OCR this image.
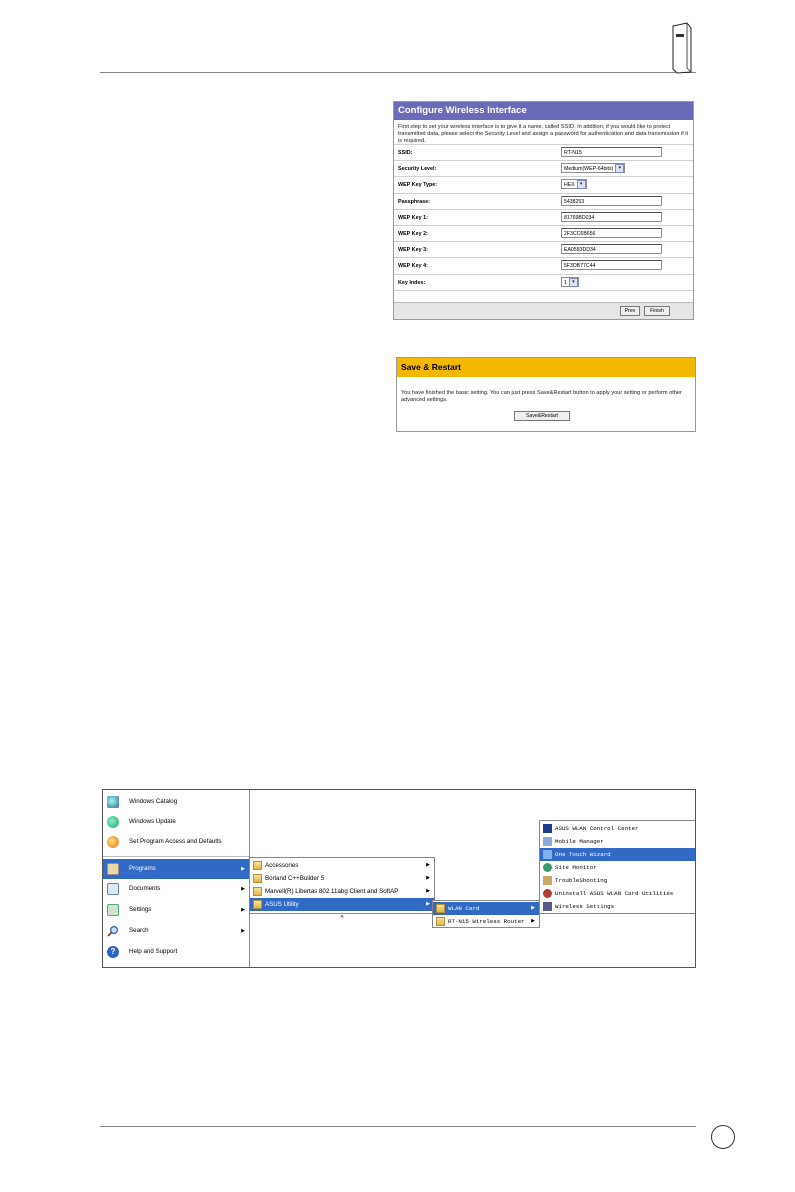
Configure Wireless Interface
First step to set your wireless interface is to give it a name, called SSID. In addition, if you would like to protect transmitted data, please select the Security Level and assign a password for authentication and data transmission if it is required.
SSID:	RT-N15
Security Level:	Medium(WEP-64bits) ▾
WEP Key Type:	HEX ▾
Passphrase:	5438253
WEP Key 1:	81769BD034
WEP Key 2:	2F3CC6B656
WEP Key 3:	EA0583DD34
WEP Key 4:	5F3DB77C44
Key Index:	1 ▾
Prev	Finish
Save & Restart
You have finished the basic setting. You can just press Save&Restart button to apply your setting or perform other advanced settings.
Save&Restart
Windows Catalog
Windows Update
Set Program Access and Defaults
Programs	▶
Documents	▶
Settings	▶
Search	▶
?	Help and Support
Accessories	▶
Borland C++Builder 5	▶
Marvell(R) Libertas 802.11abg Client and SoftAP	▶
ASUS Utility	▶
»
WLAN Card	▶
RT-N15 Wireless Router ▶
ASUS WLAN Control Center
Mobile Manager
One Touch Wizard
Site Monitor
TroubleShooting
Uninstall ASUS WLAN Card Utilities
Wireless Settings
